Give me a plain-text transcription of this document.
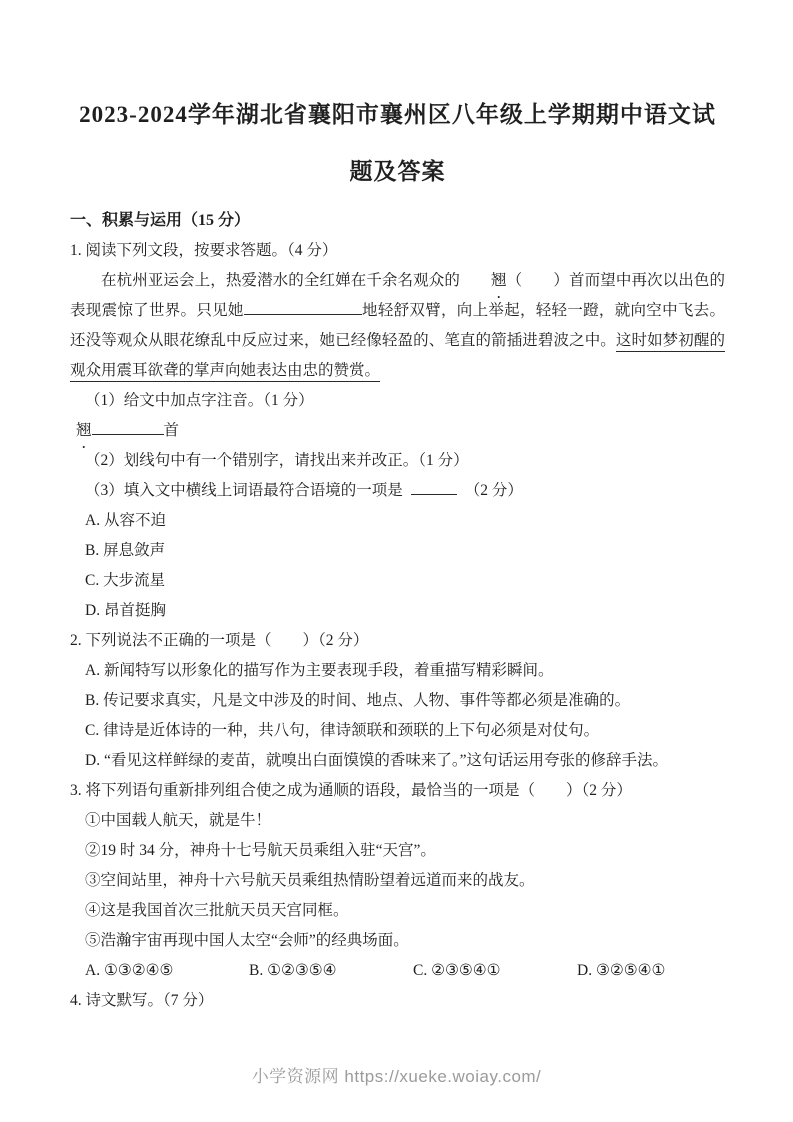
2023-2024学年湖北省襄阳市襄州区八年级上学期期中语文试题及答案
一、积累与运用（15 分）
1. 阅读下列文段，按要求答题。（4 分）

在杭州亚运会上，热爱潜水的全红婵在千余名观众的 翘（　　）首而望中再次以出色的表现震惊了世界。只见她	地轻舒双臂，向上举起，轻轻一蹬，就向空中飞去。还没等观众从眼花缭乱中反应过来，她已经像轻盈的、笔直的箭插进碧波之中。这时如梦初醒的观众用震耳欲聋的掌声向她表达由忠的赞赏。

（1）给文中加点字注音。（1 分）
翘	首
（2）划线句中有一个错别字，请找出来并改正。（1 分）
（3）填入文中横线上词语最符合语境的一项是	（2 分）
A. 从容不迫
B. 屏息敛声
C. 大步流星
D. 昂首挺胸
2. 下列说法不正确的一项是（　　）（2 分）
A. 新闻特写以形象化的描写作为主要表现手段，着重描写精彩瞬间。
B. 传记要求真实，凡是文中涉及的时间、地点、人物、事件等都必须是准确的。
C. 律诗是近体诗的一种，共八句，律诗颔联和颈联的上下句必须是对仗句。
D. “看见这样鲜绿的麦苗，就嗅出白面馍馍的香味来了。”这句话运用夸张的修辞手法。
3. 将下列语句重新排列组合使之成为通顺的语段，最恰当的一项是（　　）（2 分）
①中国载人航天，就是牛！
②19 时 34 分，神舟十七号航天员乘组入驻“天宫”。
③空间站里，神舟十六号航天员乘组热情盼望着远道而来的战友。
④这是我国首次三批航天员天宫同框。
⑤浩瀚宇宙再现中国人太空“会师”的经典场面。
A. ①③②④⑤	B. ①②③⑤④	C. ②③⑤④①	D. ③②⑤④①
4. 诗文默写。（7 分）
小学资源网 https://xueke.woiay.com/
